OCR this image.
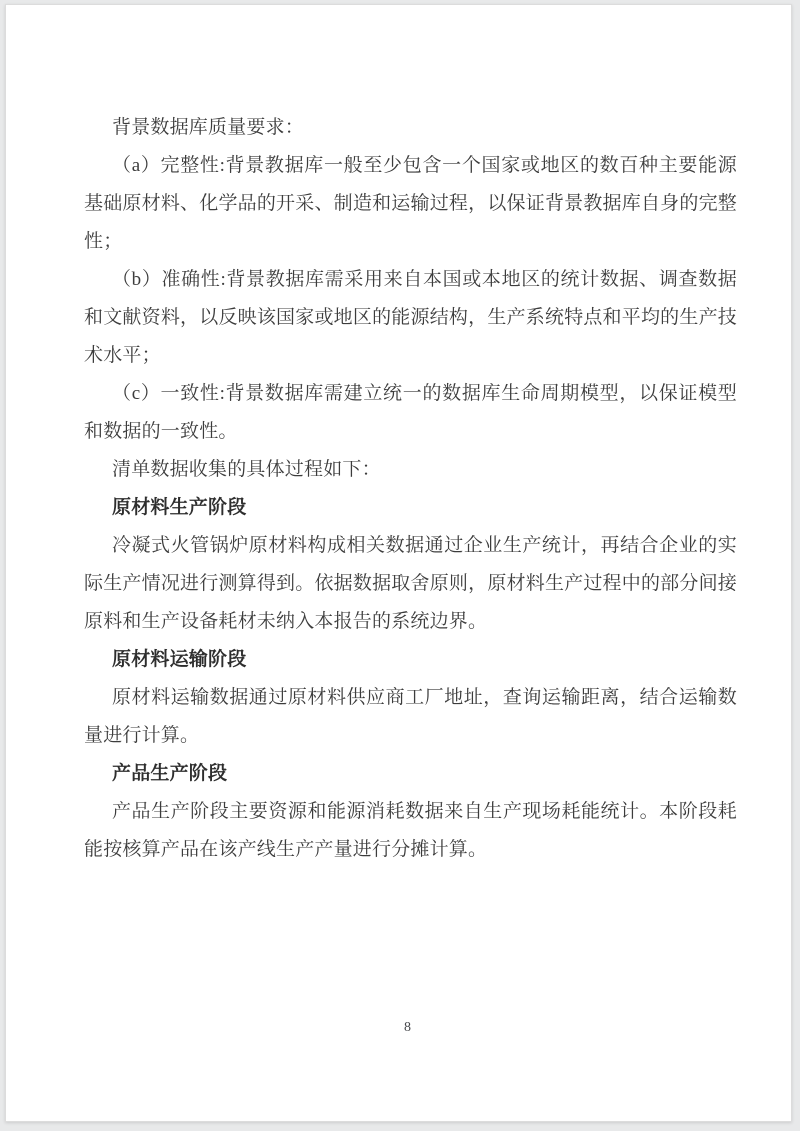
背景数据库质量要求：

（a）完整性:背景教据库一般至少包含一个国家或地区的数百种主要能源基础原材料、化学品的开采、制造和运输过程，以保证背景教据库自身的完整性；

（b）准确性:背景教据库需采用来自本国或本地区的统计数据、调查数据和文献资料，以反映该国家或地区的能源结构，生产系统特点和平均的生产技术水平；

（c）一致性:背景数据库需建立统一的数据库生命周期模型，以保证模型和数据的一致性。

清单数据收集的具体过程如下：

原材料生产阶段

冷凝式火管锅炉原材料构成相关数据通过企业生产统计，再结合企业的实际生产情况进行测算得到。依据数据取舍原则，原材料生产过程中的部分间接原料和生产设备耗材未纳入本报告的系统边界。

原材料运输阶段

原材料运输数据通过原材料供应商工厂地址，查询运输距离，结合运输数量进行计算。

产品生产阶段

产品生产阶段主要资源和能源消耗数据来自生产现场耗能统计。本阶段耗能按核算产品在该产线生产产量进行分摊计算。

8
